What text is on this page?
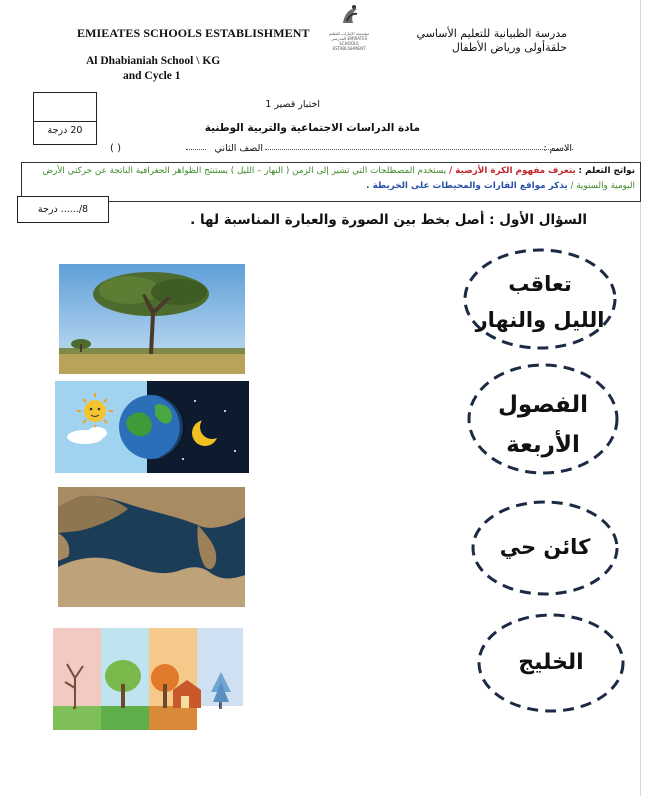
EMIEATES SCHOOLS ESTABLISHMENT
Al Dhabianiah School \ KG
and Cycle 1
مؤسسة الإمارات للتعليم المدرسي EMIRATES SCHOOLS ESTABLISHMENT
مدرسة الظبيانية للتعليم الأساسي
حلقةأولى ورياض الأطفال
20 درجة
اختبار قصير 1
مادة الدراسات الاجتماعية والتربية الوطنية
الاسم :
الصف الثاني
( )
نواتج التعلم : يتعرف مفهوم الكرة الأرضية / يستخدم المصطلحات التي تشير إلى الزمن ( النهار – الليل ) يستنتج الظواهر الجغرافية الناتجة عن حركتي الأرض اليومية والسنوية / يذكر مواقع القارات والمحيطات على الخريطة .
8/...... درجة
السؤال الأول : أصل بخط بين الصورة والعبارة المناسبة لها .
تعاقب
الليل والنهار
الفصول
الأربعة
كائن حي
الخليج
